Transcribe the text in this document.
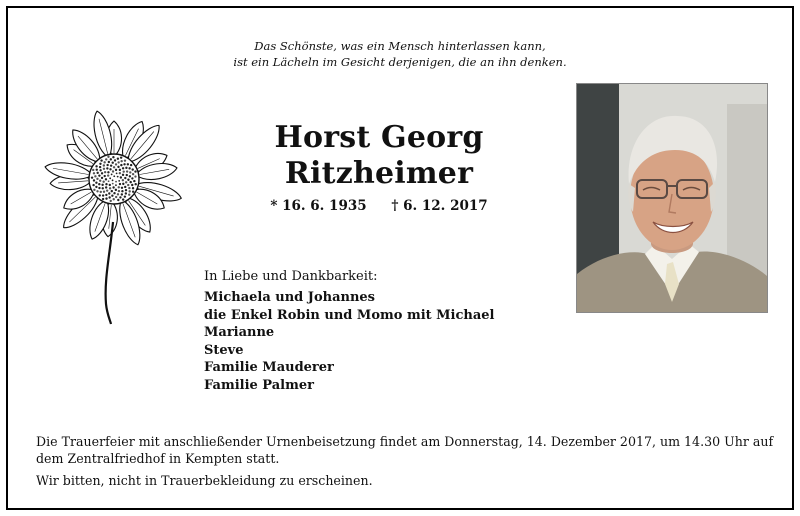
Das Schönste, was ein Mensch hinterlassen kann,
ist ein Lächeln im Gesicht derjenigen, die an ihn denken.
Horst Georg
Ritzheimer
* 16. 6. 1935 † 6. 12. 2017
In Liebe und Dankbarkeit:
Michaela und Johannes
die Enkel Robin und Momo mit Michael
Marianne
Steve
Familie Mauderer
Familie Palmer

Die Trauerfeier mit anschließender Urnenbeisetzung findet am Donnerstag, 14. Dezember 2017, um 14.30 Uhr auf dem Zentralfriedhof in Kempten statt.

Wir bitten, nicht in Trauerbekleidung zu erscheinen.
